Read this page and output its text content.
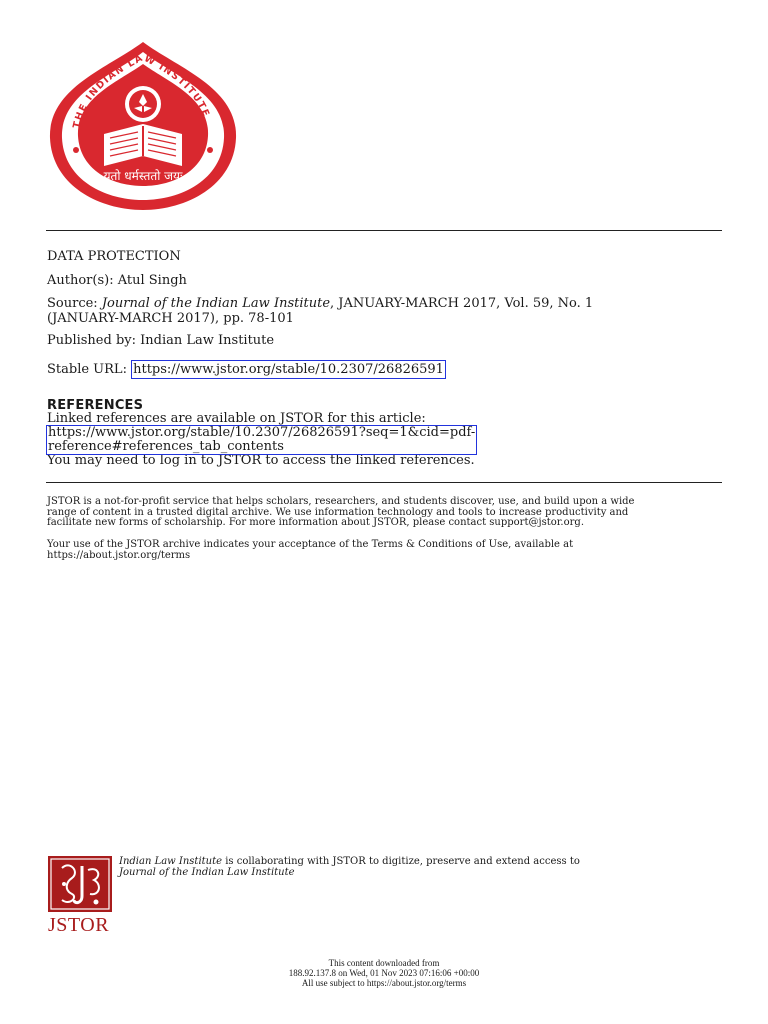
THE INDIAN LAW INSTITUTE
यतो धर्मस्ततो जयः
DATA PROTECTION
Author(s): Atul Singh
Source: Journal of the Indian Law Institute, JANUARY-MARCH 2017, Vol. 59, No. 1
(JANUARY-MARCH 2017), pp. 78-101
Published by: Indian Law Institute
Stable URL: https://www.jstor.org/stable/10.2307/26826591
REFERENCES
Linked references are available on JSTOR for this article:
You may need to log in to JSTOR to access the linked references.
https://www.jstor.org/stable/10.2307/26826591?seq=1&cid=pdf-
reference#references_tab_contents

JSTOR is a not-for-profit service that helps scholars, researchers, and students discover, use, and build upon a wide

range of content in a trusted digital archive. We use information technology and tools to increase productivity and

facilitate new forms of scholarship. For more information about JSTOR, please contact support@jstor.org.

Your use of the JSTOR archive indicates your acceptance of the Terms & Conditions of Use, available at

https://about.jstor.org/terms

JSTOR
Indian Law Institute is collaborating with JSTOR to digitize, preserve and extend access to
Journal of the Indian Law Institute
This content downloaded from
188.92.137.8 on Wed, 01 Nov 2023 07:16:06 +00:00
All use subject to https://about.jstor.org/terms
